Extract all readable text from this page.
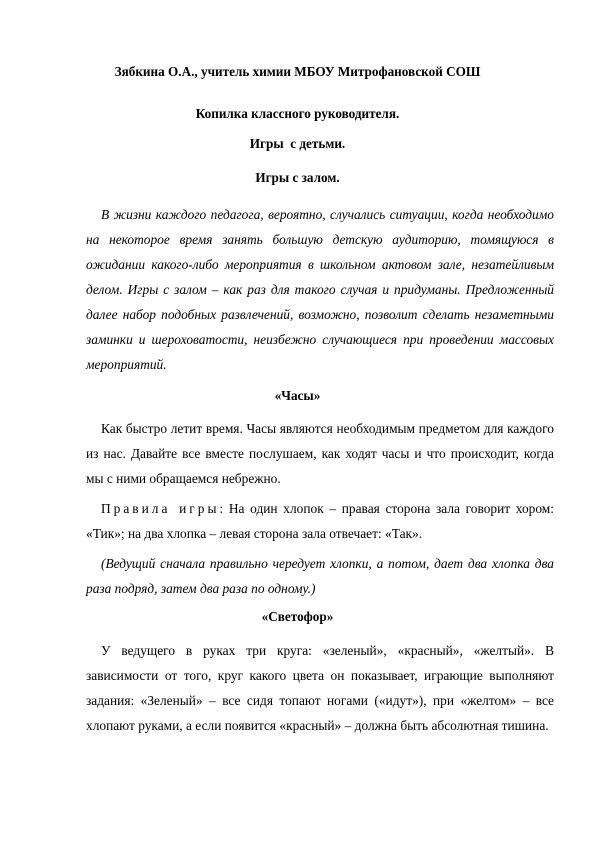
Зябкина О.А., учитель химии МБОУ Митрофановской СОШ
Копилка классного руководителя.
Игры  с детьми.
Игры с залом.

В жизни каждого педагога, вероятно, случались ситуации, когда необходимо на некоторое время занять большую детскую аудиторию, томящуюся в ожидании какого-либо мероприятия в школьном актовом зале, незатейливым делом. Игры с залом – как раз для такого случая и придуманы. Предложенный далее набор подобных развлечений, возможно, позволит сделать незаметными заминки и шероховатости, неизбежно случающиеся при проведении массовых мероприятий.

«Часы»

Как быстро летит время. Часы являются необходимым предметом для каждого из нас. Давайте все вместе послушаем, как ходят часы и что происходит, когда мы с ними обращаемся небрежно.

Правила игры: На один хлопок – правая сторона зала говорит хором: «Тик»; на два хлопка – левая сторона зала отвечает: «Так».

(Ведущий сначала правильно чередует хлопки, а потом, дает два хлопка два раза подряд, затем два раза по одному.)

«Светофор»

У ведущего в руках три круга: «зеленый», «красный», «желтый». В зависимости от того, круг какого цвета он показывает, играющие выполняют задания: «Зеленый» – все сидя топают ногами («идут»), при «желтом» – все хлопают руками, а если появится «красный» – должна быть абсолютная тишина.
